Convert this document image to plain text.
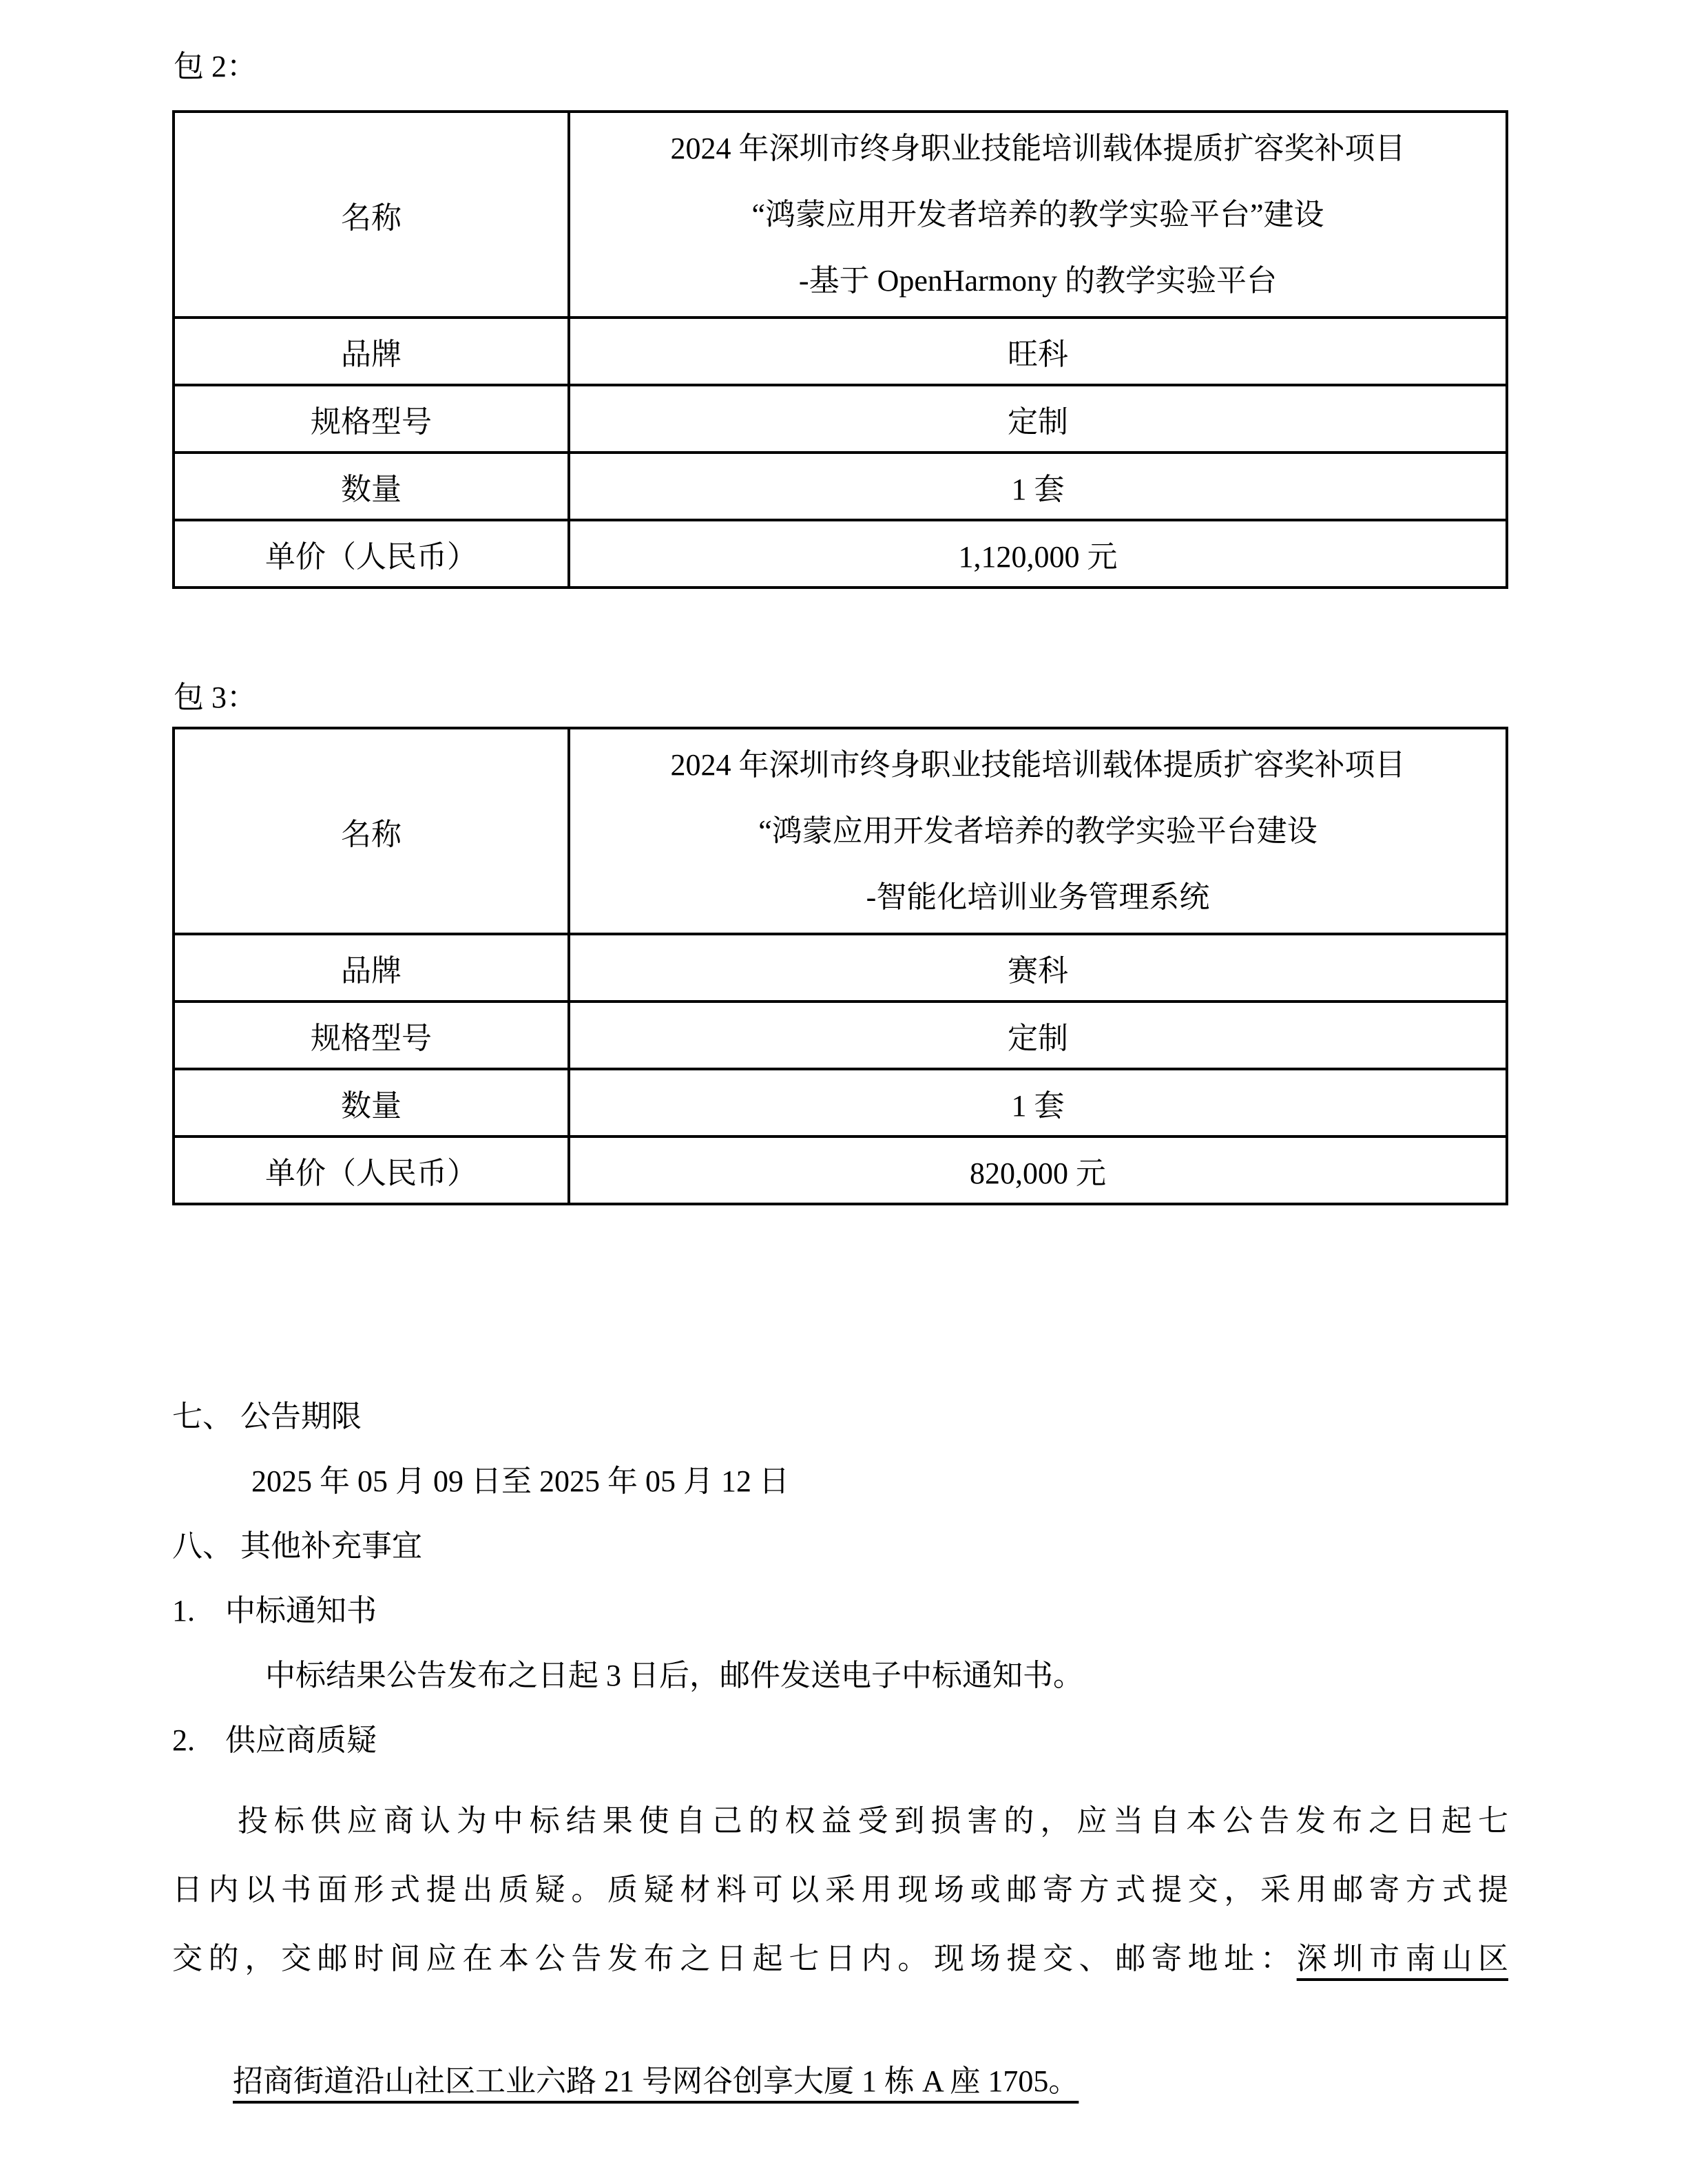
包 2：
名称	2024 年深圳市终身职业技能培训载体提质扩容奖补项目
“鸿蒙应用开发者培养的教学实验平台”建设
-基于 OpenHarmony 的教学实验平台

品牌	旺科
规格型号	定制
数量	1 套
单价（人民币）	1,120,000 元
包 3：
名称	2024 年深圳市终身职业技能培训载体提质扩容奖补项目
“鸿蒙应用开发者培养的教学实验平台建设
-智能化培训业务管理系统

品牌	赛科
规格型号	定制
数量	1 套
单价（人民币）	820,000 元
七、 公告期限
2025 年 05 月 09 日至 2025 年 05 月 12 日
八、 其他补充事宜
1.　中标通知书
中标结果公告发布之日起 3 日后，邮件发送电子中标通知书。
2.　供应商质疑
投标供应商认为中标结果使自己的权益受到损害的，应当自本公告发布之日起七
日内以书面形式提出质疑。质疑材料可以采用现场或邮寄方式提交，采用邮寄方式提
交的，交邮时间应在本公告发布之日起七日内。现场提交、邮寄地址：深圳市南山区

招商街道沿山社区工业六路 21 号网谷创享大厦 1 栋 A 座 1705。
